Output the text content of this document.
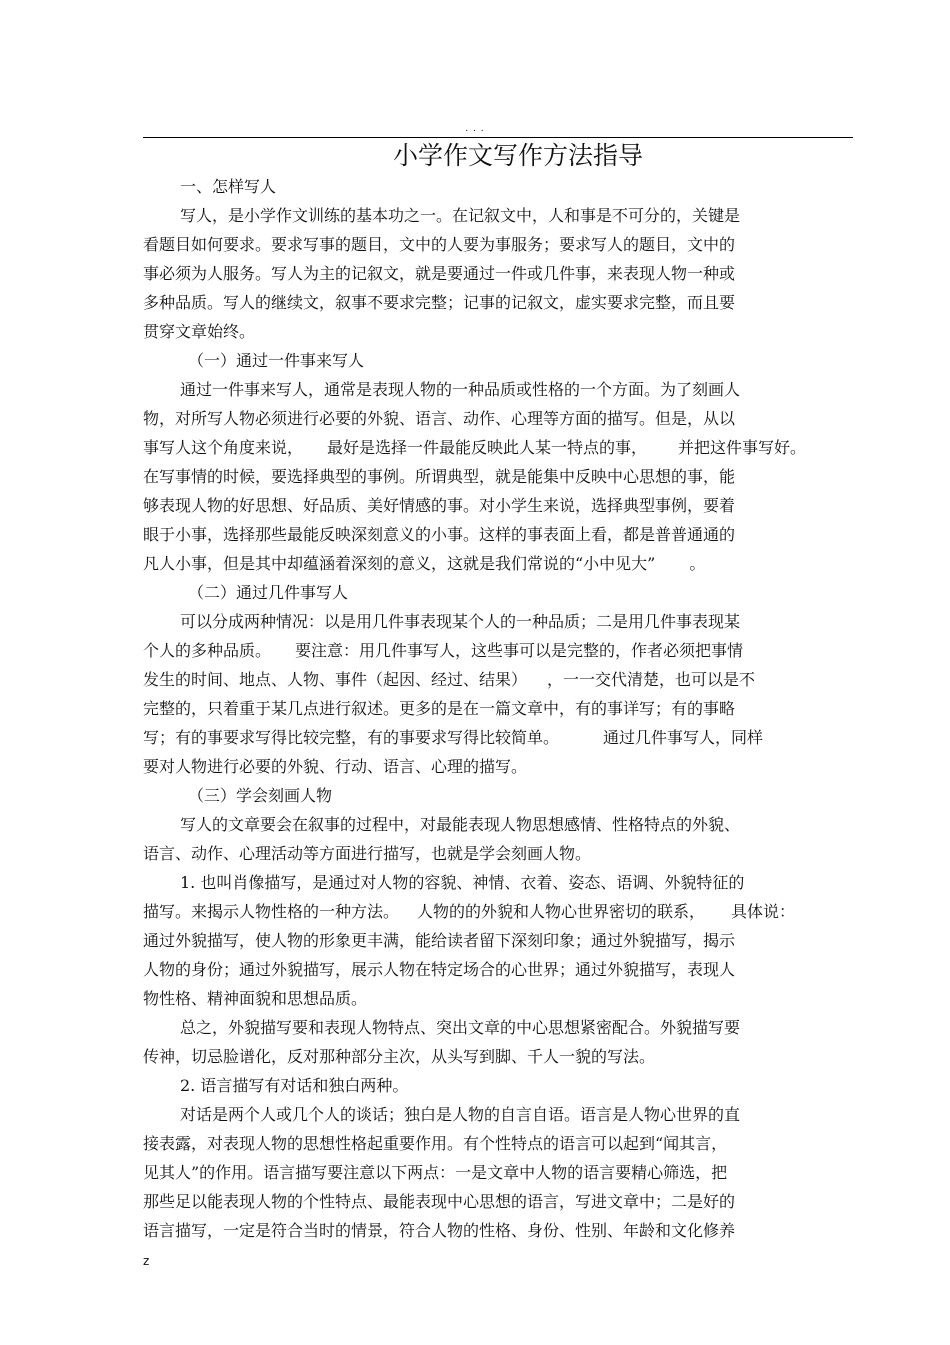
. . .
小学作文写作方法指导
一、怎样写人
写人，是小学作文训练的基本功之一。在记叙文中，人和事是不可分的，关键是
看题目如何要求。要求写事的题目，文中的人要为事服务；要求写人的题目，文中的
事必须为人服务。写人为主的记叙文，就是要通过一件或几件事，来表现人物一种或
多种品质。写人的继续文，叙事不要求完整；记事的记叙文，虚实要求完整，而且要
贯穿文章始终。
（一）通过一件事来写人
通过一件事来写人，通常是表现人物的一种品质或性格的一个方面。为了刻画人
物，对所写人物必须进行必要的外貌、语言、动作、心理等方面的描写。但是，从以
事写人这个角度来说， 最好是选择一件最能反映此人某一特点的事， 并把这件事写好。
在写事情的时候，要选择典型的事例。所谓典型，就是能集中反映中心思想的事，能
够表现人物的好思想、好品质、美好情感的事。对小学生来说，选择典型事例，要着
眼于小事，选择那些最能反映深刻意义的小事。这样的事表面上看，都是普普通通的
凡人小事，但是其中却蕴涵着深刻的意义，这就是我们常说的“小中见大” 。
（二）通过几件事写人
可以分成两种情况：以是用几件事表现某个人的一种品质；二是用几件事表现某
个人的多种品质。 要注意：用几件事写人，这些事可以是完整的，作者必须把事情
发生的时间、地点、人物、事件（起因、经过、结果） ，一一交代清楚，也可以是不
完整的，只着重于某几点进行叙述。更多的是在一篇文章中，有的事详写；有的事略
写；有的事要求写得比较完整，有的事要求写得比较简单。	通过几件事写人，同样
要对人物进行必要的外貌、行动、语言、心理的描写。
（三）学会刻画人物
写人的文章要会在叙事的过程中，对最能表现人物思想感情、性格特点的外貌、
语言、动作、心理活动等方面进行描写，也就是学会刻画人物。
1. 也叫肖像描写，是通过对人物的容貌、神情、衣着、姿态、语调、外貌特征的
描写。来揭示人物性格的一种方法。 人物的的外貌和人物心世界密切的联系， 具体说：
通过外貌描写，使人物的形象更丰满，能给读者留下深刻印象；通过外貌描写，揭示
人物的身份；通过外貌描写，展示人物在特定场合的心世界；通过外貌描写，表现人
物性格、精神面貌和思想品质。
总之，外貌描写要和表现人物特点、突出文章的中心思想紧密配合。外貌描写要
传神，切忌脸谱化，反对那种部分主次，从头写到脚、千人一貌的写法。
2. 语言描写有对话和独白两种。
对话是两个人或几个人的谈话；独白是人物的自言自语。语言是人物心世界的直
接表露，对表现人物的思想性格起重要作用。有个性特点的语言可以起到“闻其言，
见其人”的作用。语言描写要注意以下两点：一是文章中人物的语言要精心筛选，把
那些足以能表现人物的个性特点、最能表现中心思想的语言，写进文章中；二是好的
语言描写，一定是符合当时的情景，符合人物的性格、身份、性别、年龄和文化修养
z
